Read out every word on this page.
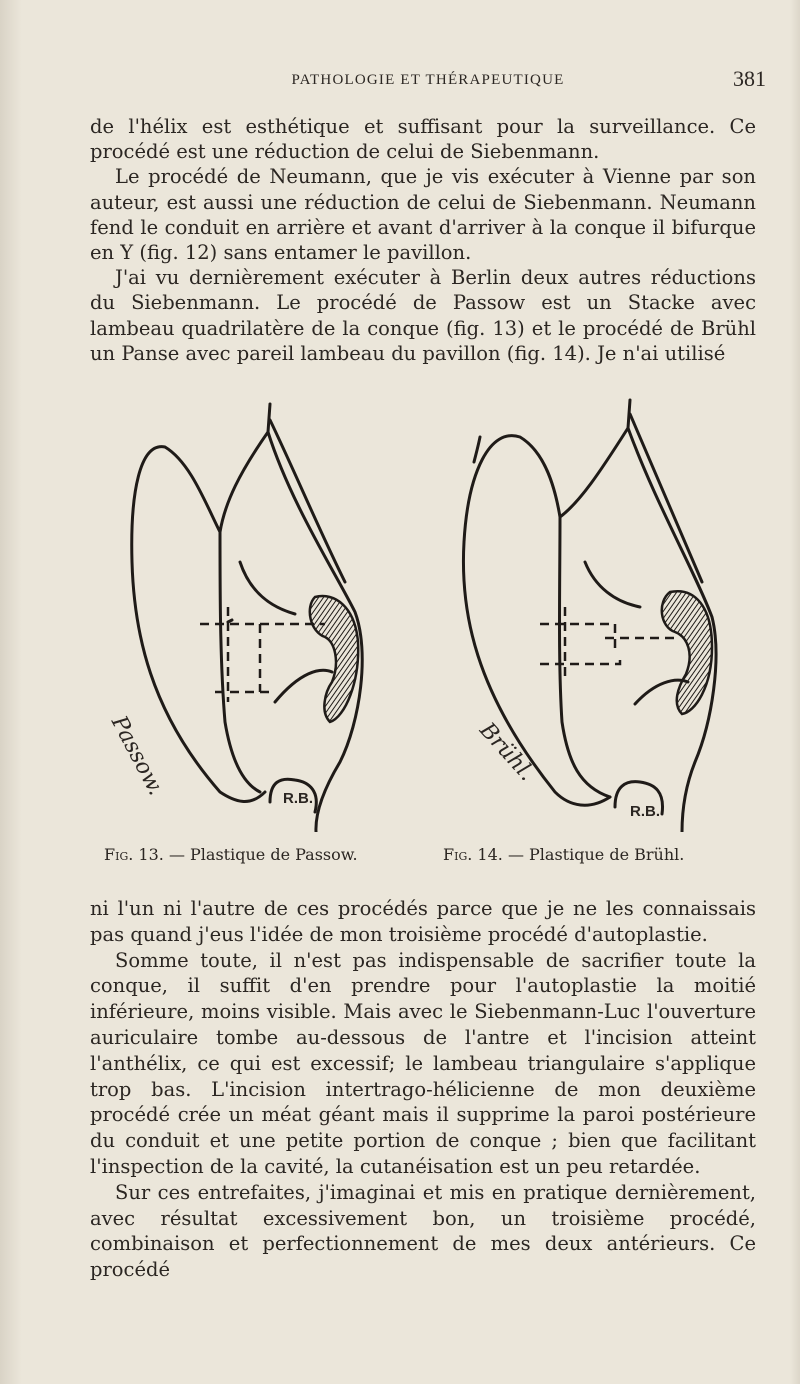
PATHOLOGIE ET THÉRAPEUTIQUE	381

de l'hélix est esthétique et suffisant pour la surveillance. Ce procédé est une réduction de celui de Siebenmann.

Le procédé de Neumann, que je vis exécuter à Vienne par son auteur, est aussi une réduction de celui de Siebenmann. Neumann fend le conduit en arrière et avant d'arriver à la conque il bifurque en Y (fig. 12) sans entamer le pavillon.

J'ai vu dernièrement exécuter à Berlin deux autres réductions du Siebenmann. Le procédé de Passow est un Stacke avec lambeau quadrilatère de la conque (fig. 13) et le procédé de Brühl un Panse avec pareil lambeau du pavillon (fig. 14). Je n'ai utilisé

Passow.	R.B.
Brühl.
R.B.
Fig. 13. — Plastique de Passow.	Fig. 14. — Plastique de Brühl.

ni l'un ni l'autre de ces procédés parce que je ne les connaissais pas quand j'eus l'idée de mon troisième procédé d'autoplastie.

Somme toute, il n'est pas indispensable de sacrifier toute la conque, il suffit d'en prendre pour l'autoplastie la moitié inférieure, moins visible. Mais avec le Siebenmann-Luc l'ouverture auriculaire tombe au-dessous de l'antre et l'incision atteint l'anthélix, ce qui est excessif; le lambeau triangulaire s'applique trop bas. L'incision intertrago-hélicienne de mon deuxième procédé crée un méat géant mais il supprime la paroi postérieure du conduit et une petite portion de conque ; bien que facilitant l'inspection de la cavité, la cutanéisation est un peu retardée.

Sur ces entrefaites, j'imaginai et mis en pratique dernièrement, avec résultat excessivement bon, un troisième procédé, combinaison et perfectionnement de mes deux antérieurs. Ce procédé
